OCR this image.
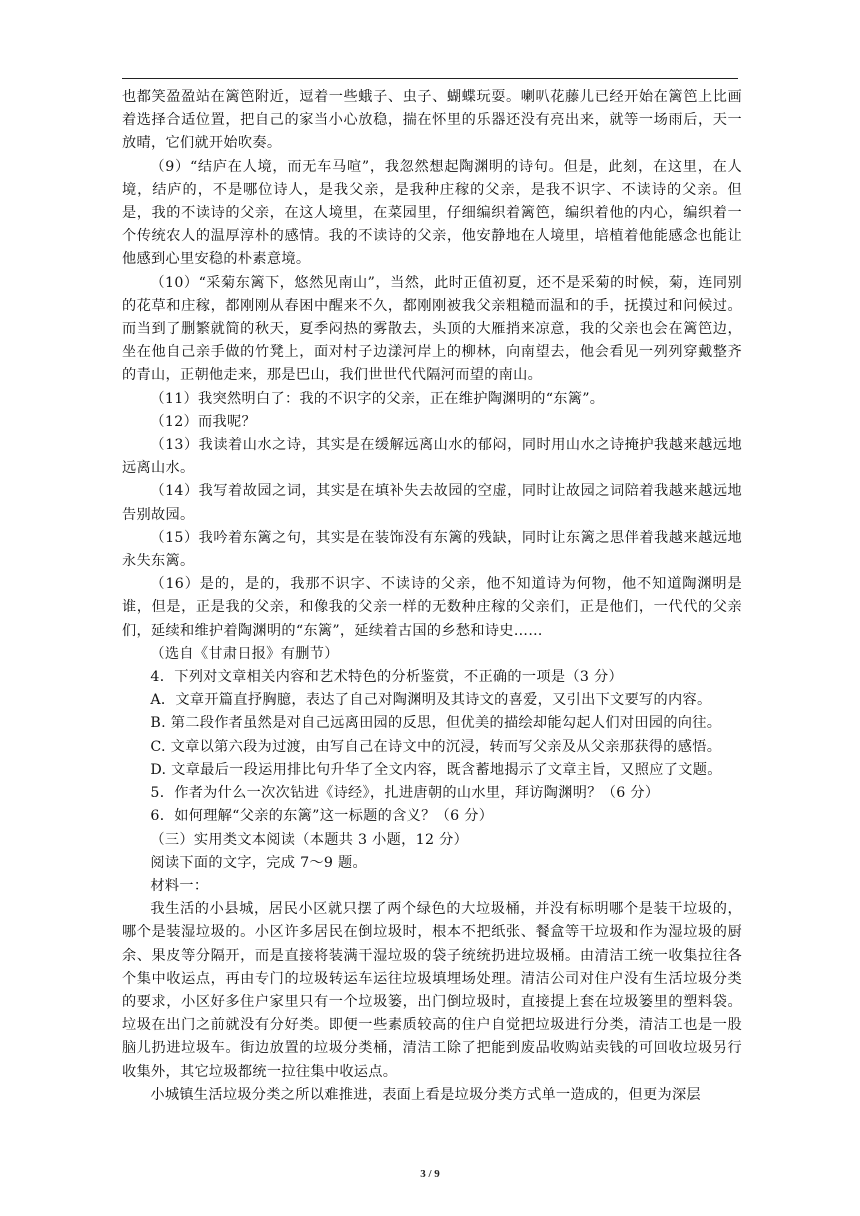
也都笑盈盈站在篱笆附近，逗着一些蛾子、虫子、蝴蝶玩耍。喇叭花藤儿已经开始在篱笆上比画着选择合适位置，把自己的家当小心放稳，揣在怀里的乐器还没有亮出来，就等一场雨后，天一放晴，它们就开始吹奏。

（9）“结庐在人境，而无车马喧”，我忽然想起陶渊明的诗句。但是，此刻，在这里，在人境，结庐的，不是哪位诗人，是我父亲，是我种庄稼的父亲，是我不识字、不读诗的父亲。但是，我的不读诗的父亲，在这人境里，在菜园里，仔细编织着篱笆，编织着他的内心，编织着一个传统农人的温厚淳朴的感情。我的不读诗的父亲，他安静地在人境里，培植着他能感念也能让他感到心里安稳的朴素意境。

（10）“采菊东篱下，悠然见南山”，当然，此时正值初夏，还不是采菊的时候，菊，连同别的花草和庄稼，都刚刚从春困中醒来不久，都刚刚被我父亲粗糙而温和的手，抚摸过和问候过。而当到了删繁就简的秋天，夏季闷热的雾散去，头顶的大雁捎来凉意，我的父亲也会在篱笆边，坐在他自己亲手做的竹凳上，面对村子边漾河岸上的柳林，向南望去，他会看见一列列穿戴整齐的青山，正朝他走来，那是巴山，我们世世代代隔河而望的南山。

（11）我突然明白了：我的不识字的父亲，正在维护陶渊明的“东篱”。

（12）而我呢？

（13）我读着山水之诗，其实是在缓解远离山水的郁闷，同时用山水之诗掩护我越来越远地远离山水。

（14）我写着故园之词，其实是在填补失去故园的空虚，同时让故园之词陪着我越来越远地告别故园。

（15）我吟着东篱之句，其实是在装饰没有东篱的残缺，同时让东篱之思伴着我越来越远地永失东篱。

（16）是的，是的，我那不识字、不读诗的父亲，他不知道诗为何物，他不知道陶渊明是谁，但是，正是我的父亲，和像我的父亲一样的无数种庄稼的父亲们，正是他们，一代代的父亲们，延续和维护着陶渊明的“东篱”，延续着古国的乡愁和诗史……

（选自《甘肃日报》有删节）

4．下列对文章相关内容和艺术特色的分析鉴赏，不正确的一项是（3 分）

A．文章开篇直抒胸臆，表达了自己对陶渊明及其诗文的喜爱，又引出下文要写的内容。

B. 第二段作者虽然是对自己远离田园的反思，但优美的描绘却能勾起人们对田园的向往。

C. 文章以第六段为过渡，由写自己在诗文中的沉浸，转而写父亲及从父亲那获得的感悟。

D. 文章最后一段运用排比句升华了全文内容，既含蓄地揭示了文章主旨，又照应了文题。

5．作者为什么一次次钻进《诗经》，扎进唐朝的山水里，拜访陶渊明？（6 分）

6．如何理解“父亲的东篱”这一标题的含义？（6 分）

（三）实用类文本阅读（本题共 3 小题，12 分）

阅读下面的文字，完成 7～9 题。

材料一：

我生活的小县城，居民小区就只摆了两个绿色的大垃圾桶，并没有标明哪个是装干垃圾的，哪个是装湿垃圾的。小区许多居民在倒垃圾时，根本不把纸张、餐盒等干垃圾和作为湿垃圾的厨余、果皮等分隔开，而是直接将装满干湿垃圾的袋子统统扔进垃圾桶。由清洁工统一收集拉往各个集中收运点，再由专门的垃圾转运车运往垃圾填埋场处理。清洁公司对住户没有生活垃圾分类的要求，小区好多住户家里只有一个垃圾篓，出门倒垃圾时，直接提上套在垃圾篓里的塑料袋。垃圾在出门之前就没有分好类。即便一些素质较高的住户自觉把垃圾进行分类，清洁工也是一股脑儿扔进垃圾车。街边放置的垃圾分类桶，清洁工除了把能到废品收购站卖钱的可回收垃圾另行收集外，其它垃圾都统一拉往集中收运点。

小城镇生活垃圾分类之所以难推进，表面上看是垃圾分类方式单一造成的，但更为深层

3 / 9
